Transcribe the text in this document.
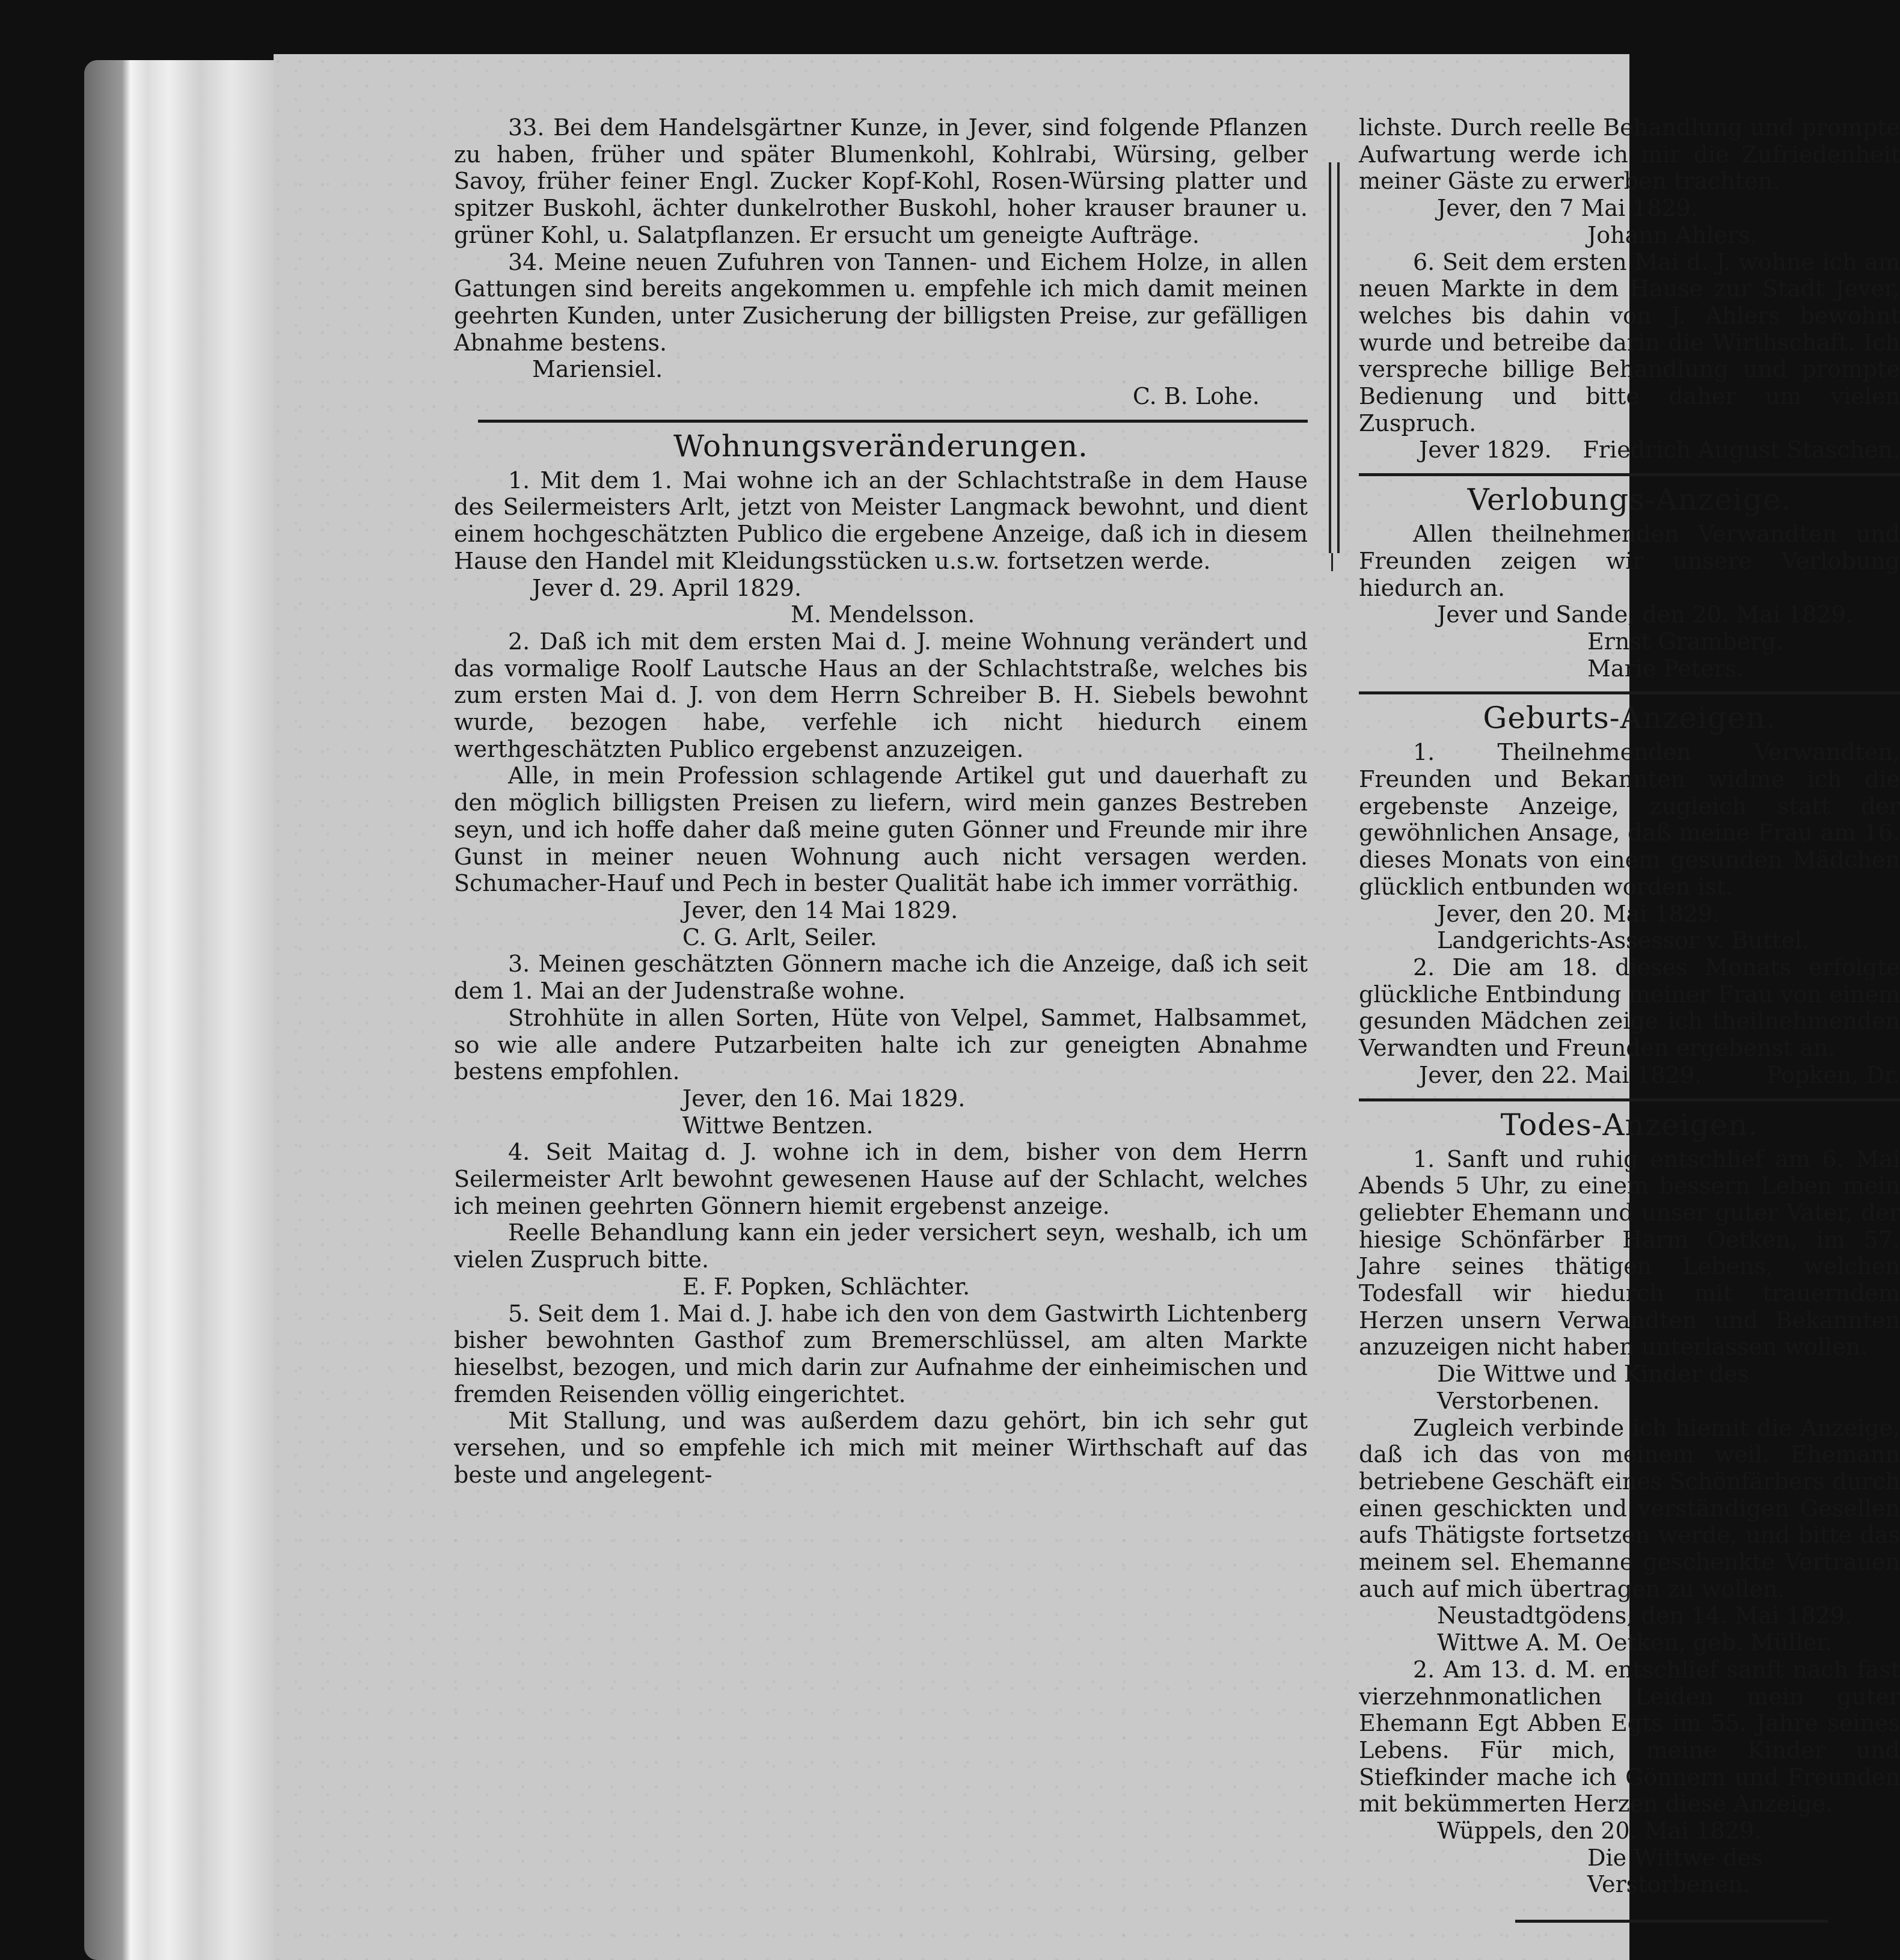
33. Bei dem Handelsgärtner Kunze, in Jever, sind folgende Pflanzen zu haben, früher und später Blumenkohl, Kohlrabi, Würsing, gelber Savoy, früher feiner Engl. Zucker Kopf-Kohl, Rosen-Würsing platter und spitzer Buskohl, ächter dunkelrother Buskohl, hoher krauser brauner u. grüner Kohl, u. Salatpflanzen. Er ersucht um geneigte Aufträge.

34. Meine neuen Zufuhren von Tannen- und Eichem Holze, in allen Gattungen sind bereits angekommen u. empfehle ich mich damit meinen geehrten Kunden, unter Zusicherung der billigsten Preise, zur gefälligen Abnahme bestens.

Mariensiel.
C. B. Lohe.
Wohnungsveränderungen.

1. Mit dem 1. Mai wohne ich an der Schlachtstraße in dem Hause des Seilermeisters Arlt, jetzt von Meister Langmack bewohnt, und dient einem hochgeschätzten Publico die ergebene Anzeige, daß ich in diesem Hause den Handel mit Kleidungsstücken u.s.w. fortsetzen werde.

Jever d. 29. April 1829.
M. Mendelsson.

2. Daß ich mit dem ersten Mai d. J. meine Wohnung verändert und das vormalige Roolf Lautsche Haus an der Schlachtstraße, welches bis zum ersten Mai d. J. von dem Herrn Schreiber B. H. Siebels bewohnt wurde, bezogen habe, verfehle ich nicht hiedurch einem werthgeschätzten Publico ergebenst anzuzeigen.

Alle, in mein Profession schlagende Artikel gut und dauerhaft zu den möglich billigsten Preisen zu liefern, wird mein ganzes Bestreben seyn, und ich hoffe daher daß meine guten Gönner und Freunde mir ihre Gunst in meiner neuen Wohnung auch nicht versagen werden. Schumacher-Hauf und Pech in bester Qualität habe ich immer vorräthig.

Jever, den 14 Mai 1829.
C. G. Arlt, Seiler.

3. Meinen geschätzten Gönnern mache ich die Anzeige, daß ich seit dem 1. Mai an der Judenstraße wohne.

Strohhüte in allen Sorten, Hüte von Velpel, Sammet, Halbsammet, so wie alle andere Putzarbeiten halte ich zur geneigten Abnahme bestens empfohlen.

Jever, den 16. Mai 1829.
Wittwe Bentzen.

4. Seit Maitag d. J. wohne ich in dem, bisher von dem Herrn Seilermeister Arlt bewohnt gewesenen Hause auf der Schlacht, welches ich meinen geehrten Gönnern hiemit ergebenst anzeige.

Reelle Behandlung kann ein jeder versichert seyn, weshalb, ich um vielen Zuspruch bitte.

E. F. Popken, Schlächter.

5. Seit dem 1. Mai d. J. habe ich den von dem Gastwirth Lichtenberg bisher bewohnten Gasthof zum Bremerschlüssel, am alten Markte hieselbst, bezogen, und mich darin zur Aufnahme der einheimischen und fremden Reisenden völlig eingerichtet.

Mit Stallung, und was außerdem dazu gehört, bin ich sehr gut versehen, und so empfehle ich mich mit meiner Wirthschaft auf das beste und angelegent-

lichste. Durch reelle Behandlung und prompte Aufwartung werde ich mir die Zufriedenheit meiner Gäste zu erwerben trachten.

Jever, den 7 Mai 1829.
Johann Ahlers.

6. Seit dem ersten Mai d. J. wohne ich am neuen Markte in dem Hause zur Stadt Jever, welches bis dahin von J. Ahlers bewohnt wurde und betreibe darin die Wirthschaft. Ich verspreche billige Behandlung und prompte Bedienung und bitte daher um vielen Zuspruch.

Jever 1829. Friedrich August Staschen.
Verlobungs-Anzeige.

Allen theilnehmenden Verwandten und Freunden zeigen wir unsere Verlobung hiedurch an.

Jever und Sande, den 20. Mai 1829.
Ernst Gramberg.
Marie Peters.
Geburts-Anzeigen.

1. Theilnehmenden Verwandten, Freunden und Bekannten widme ich die ergebenste Anzeige, zugleich statt der gewöhnlichen Ansage, daß meine Frau am 16. dieses Monats von einem gesunden Mädchen glücklich entbunden worden ist.

Jever, den 20. Mai 1829.
Landgerichts-Assessor v. Buttel.

2. Die am 18. dieses Monats erfolgte glückliche Entbindung meiner Frau von einem gesunden Mädchen zeige ich theilnehmenden Verwandten und Freunden ergebenst an.

Jever, den 22. Mai 1829.	Popken, Dr.
Todes-Anzeigen.

1. Sanft und ruhig entschlief am 6. Mai Abends 5 Uhr, zu einem bessern Leben mein geliebter Ehemann und unser guter Vater, der hiesige Schönfärber Harm Oetken, im 57. Jahre seines thätigen Lebens, welchen Todesfall wir hiedurch mit trauerndem Herzen unsern Verwandten und Bekannten anzuzeigen nicht haben unterlassen wollen.

Die Wittwe und Kinder des Verstorbenen.

Zugleich verbinde ich hiemit die Anzeige, daß ich das von meinem weil. Ehemann betriebene Geschäft eines Schönfärbers durch einen geschickten und verständigen Gesellen aufs Thätigste fortsetzen werde, und bitte das meinem sel. Ehemanne geschenkte Vertrauen auch auf mich übertragen zu wollen.

Neustadtgödens, den 14. Mai 1829.
Wittwe A. M. Oetken, geb. Müller.

2. Am 13. d. M. entschlief sanft nach fast vierzehnmonatlichen Leiden mein guter Ehemann Egt Abben Egts im 55. Jahre seines Lebens. Für mich, meine Kinder und Stiefkinder mache ich Gönnern und Freunden mit bekümmerten Herzen diese Anzeige.

Wüppels, den 20. Mai 1829.
Die Wittwe des Verstorbenen.
